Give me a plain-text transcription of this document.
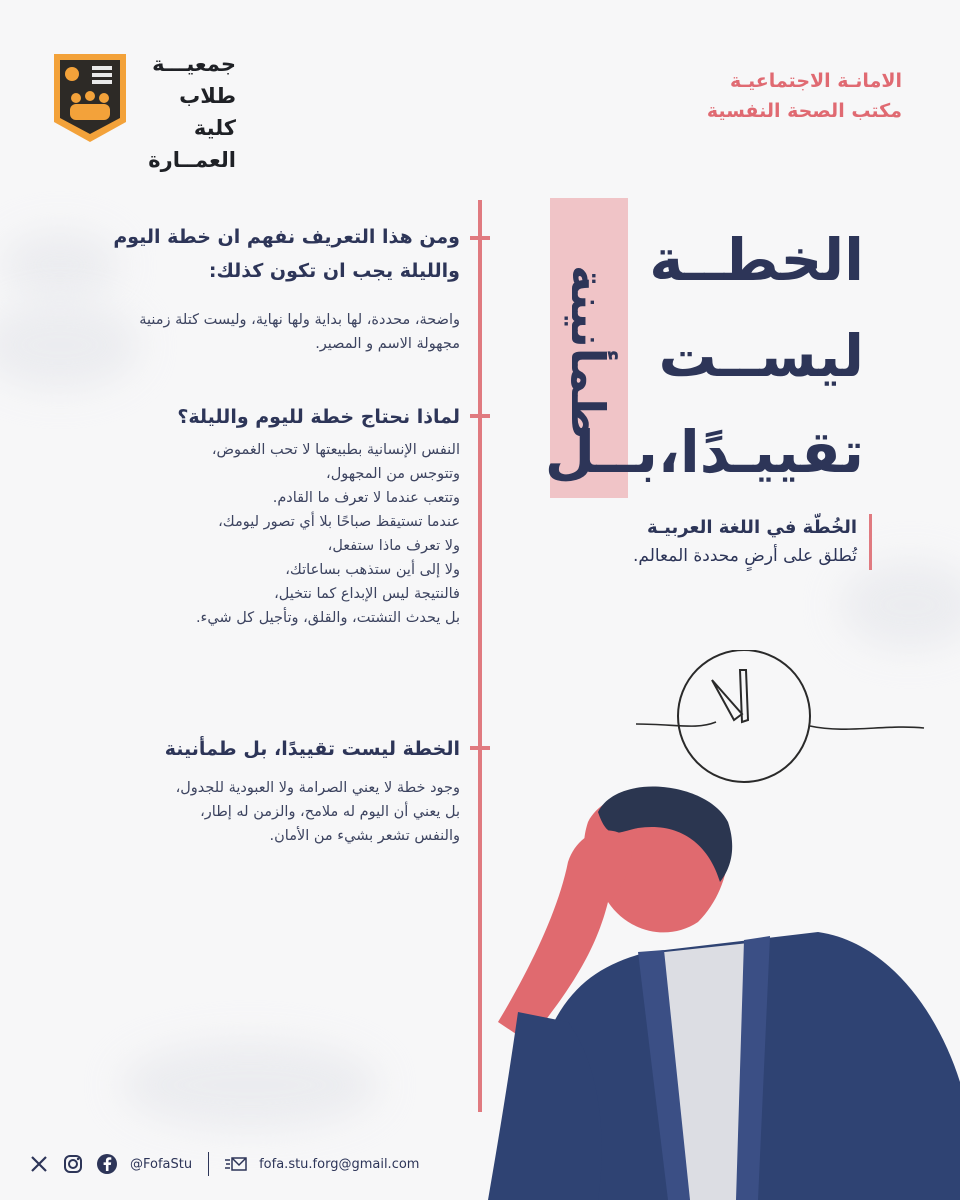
الامانـة الاجتماعيـة
مكتب الصحة النفسية
جمعيـــة
طلاب كلية
العمــارة
ومن هذا التعريف نفهم ان خطة اليوم والليلة يجب ان تكون كذلك:

واضحة، محددة، لها بداية ولها نهاية، وليست كتلة زمنية مجهولة الاسم و المصير.

لماذا نحتاج خطة لليوم والليلة؟

النفس الإنسانية بطبيعتها لا تحب الغموض،

وتتوجس من المجهول،

وتتعب عندما لا تعرف ما القادم.

عندما تستيقظ صباحًا بلا أي تصور ليومك،

ولا تعرف ماذا ستفعل،

ولا إلى أين ستذهب بساعاتك،

فالنتيجة ليس الإبداع كما نتخيل،

بل يحدث التشتت، والقلق، وتأجيل كل شيء.

الخطة ليست تقييدًا، بل طمأنينة

وجود خطة لا يعني الصرامة ولا العبودية للجدول،

بل يعني أن اليوم له ملامح، والزمن له إطار،

والنفس تشعر بشيء من الأمان.

طمأنينة
الخطــة
ليســت
تقييـدًا،بــل
الخُطّة في اللغة العربيـة
تُطلق على أرضٍ محددة المعالم.
@FofaStu	fofa.stu.forg@gmail.com
